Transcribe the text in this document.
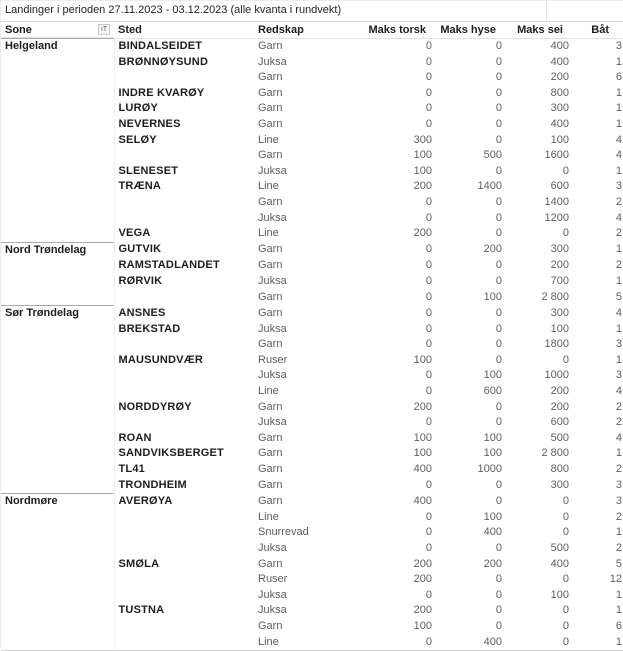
Landinger i perioden 27.11.2023 - 03.12.2023 (alle kvanta i rundvekt)
Sone	ıT Sted	Redskap	Maks torsk	Maks hyse	Maks sei	Båt
Helgeland	BINDALSEIDET	Garn	0	0	400	3
	BRØNNØYSUND	Juksa	0	0	400	1
		Garn	0	0	200	6
	INDRE KVARØY	Garn	0	0	800	1
	LURØY	Garn	0	0	300	1
	NEVERNES	Garn	0	0	400	1
	SELØY	Line	300	0	100	4
		Garn	100	500	1600	4
	SLENESET	Juksa	100	0	0	1
	TRÆNA	Line	200	1400	600	3
		Garn	0	0	1400	2
		Juksa	0	0	1200	4
	VEGA	Line	200	0	0	2
Nord Trøndelag	GUTVIK	Garn	0	200	300	1
	RAMSTADLANDET	Garn	0	0	200	2
	RØRVIK	Juksa	0	0	700	1
		Garn	0	100	2 800	5
Sør Trøndelag	ANSNES	Garn	0	0	300	4
	BREKSTAD	Juksa	0	0	100	1
		Garn	0	0	1800	3
	MAUSUNDVÆR	Ruser	100	0	0	1
		Juksa	0	100	1000	3
		Line	0	600	200	4
	NORDDYRØY	Garn	200	0	200	2
		Juksa	0	0	600	2
	ROAN	Garn	100	100	500	4
	SANDVIKSBERGET	Garn	100	100	2 800	1
	TL41	Garn	400	1000	800	2
	TRONDHEIM	Garn	0	0	300	3
Nordmøre	AVERØYA	Garn	400	0	0	3
		Line	0	100	0	2
		Snurrevad	0	400	0	1
		Juksa	0	0	500	2
	SMØLA	Garn	200	200	400	5
		Ruser	200	0	0	12
		Juksa	0	0	100	1
	TUSTNA	Juksa	200	0	0	1
		Garn	100	0	0	6
		Line	0	400	0	1
